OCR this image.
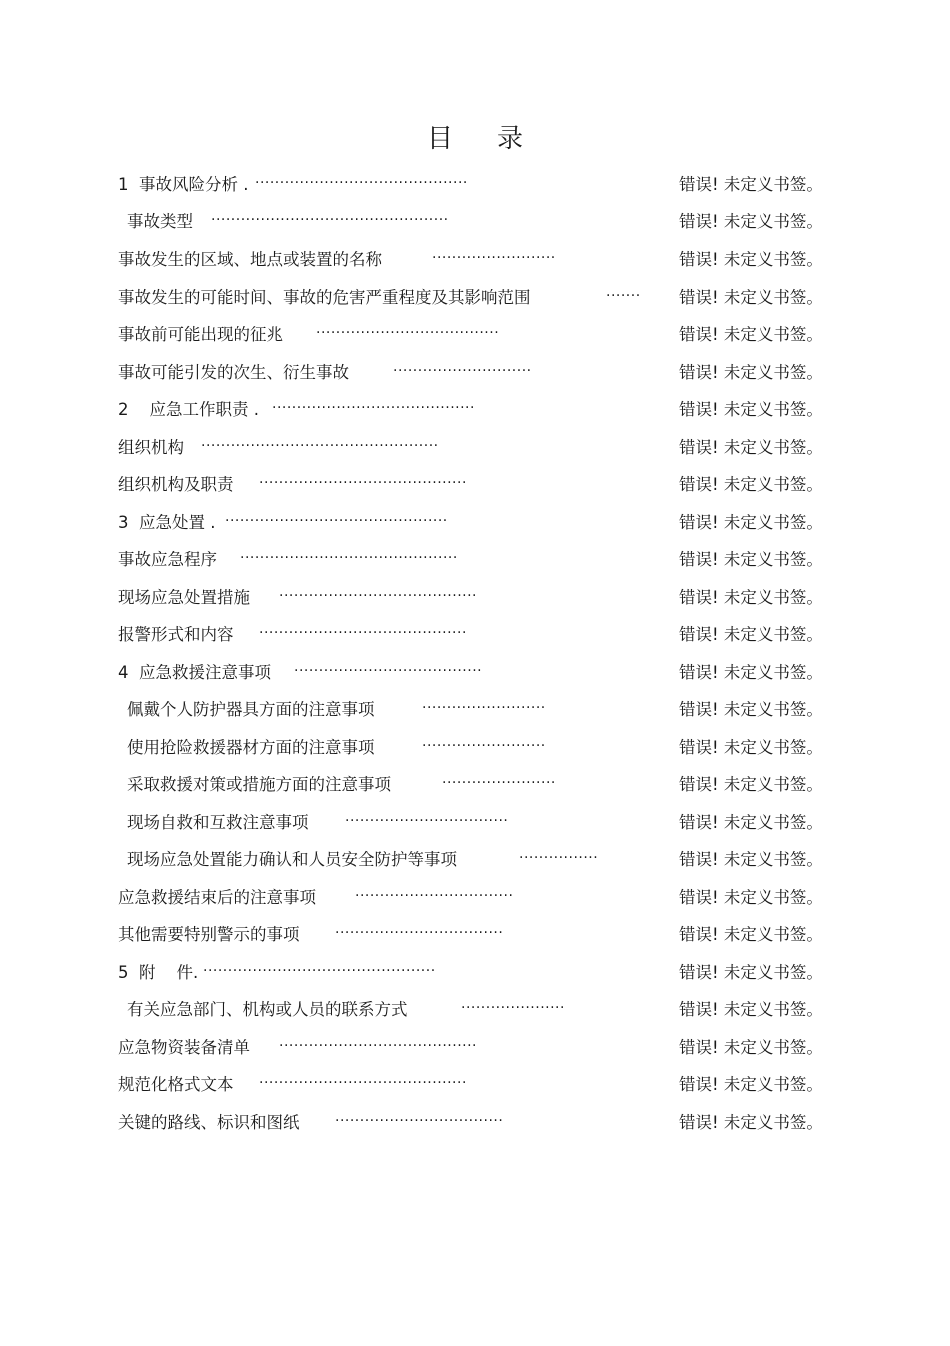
目录
1  事故风险分析 . ...........................................	错误! 未定义书签。
事故类型 ................................................	错误! 未定义书签。
事故发生的区域、地点或装置的名称	.........................	错误! 未定义书签。
事故发生的可能时间、事故的危害严重程度及其影响范围	....... 错误! 未定义书签。
事故前可能出现的征兆 .....................................	错误! 未定义书签。
事故可能引发的次生、衍生事故	............................	错误! 未定义书签。
2    应急工作职责 . .........................................	错误! 未定义书签。
组织机构 ................................................	错误! 未定义书签。
组织机构及职责 ..........................................	错误! 未定义书签。
3  应急处置 . .............................................	错误! 未定义书签。
事故应急程序 ............................................	错误! 未定义书签。
现场应急处置措施 ........................................	错误! 未定义书签。
报警形式和内容 ..........................................	错误! 未定义书签。
4  应急救援注意事项 ......................................	错误! 未定义书签。
佩戴个人防护器具方面的注意事项	.........................	错误! 未定义书签。
使用抢险救援器材方面的注意事项	.........................	错误! 未定义书签。
采取救援对策或措施方面的注意事项	.......................	错误! 未定义书签。
现场自救和互救注意事项	.................................	错误! 未定义书签。
现场应急处置能力确认和人员安全防护等事项	................	错误! 未定义书签。
应急救援结束后的注意事项	................................	错误! 未定义书签。
其他需要特别警示的事项	..................................	错误! 未定义书签。
5  附    件. ...............................................	错误! 未定义书签。
有关应急部门、机构或人员的联系方式	.....................	错误! 未定义书签。
应急物资装备清单 ........................................	错误! 未定义书签。
规范化格式文本 ..........................................	错误! 未定义书签。
关键的路线、标识和图纸	..................................	错误! 未定义书签。
